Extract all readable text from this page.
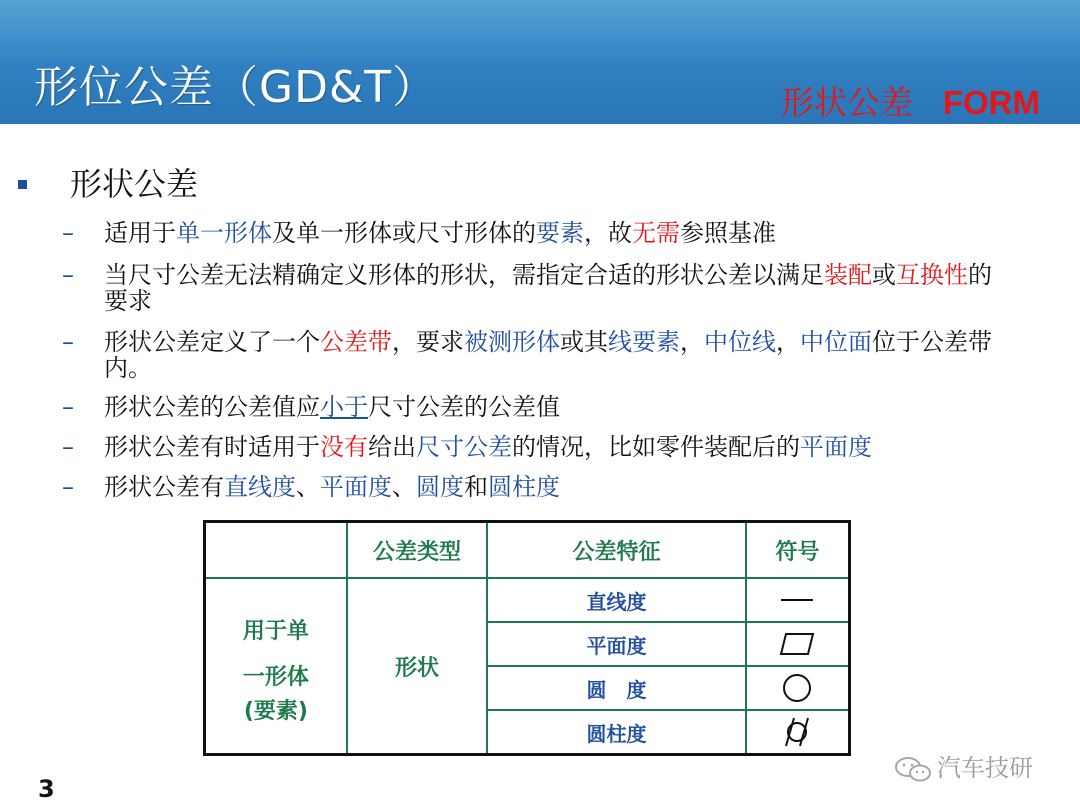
形位公差（GD&T）	形状公差 FORM
形状公差
– 适用于单一形体及单一形体或尺寸形体的要素，故无需参照基准
– 当尺寸公差无法精确定义形体的形状，需指定合适的形状公差以满足装配或互换性的要求
– 形状公差定义了一个公差带，要求被测形体或其线要素，中位线，中位面位于公差带内。
– 形状公差的公差值应小于尺寸公差的公差值
– 形状公差有时适用于没有给出尺寸公差的情况，比如零件装配后的平面度
– 形状公差有直线度、平面度、圆度和圆柱度
	公差类型	公差特征	符号

用于单
一形体
(要素)	形状	直线度	

		平面度	

		圆　度	

		圆柱度	
3
汽车技研
